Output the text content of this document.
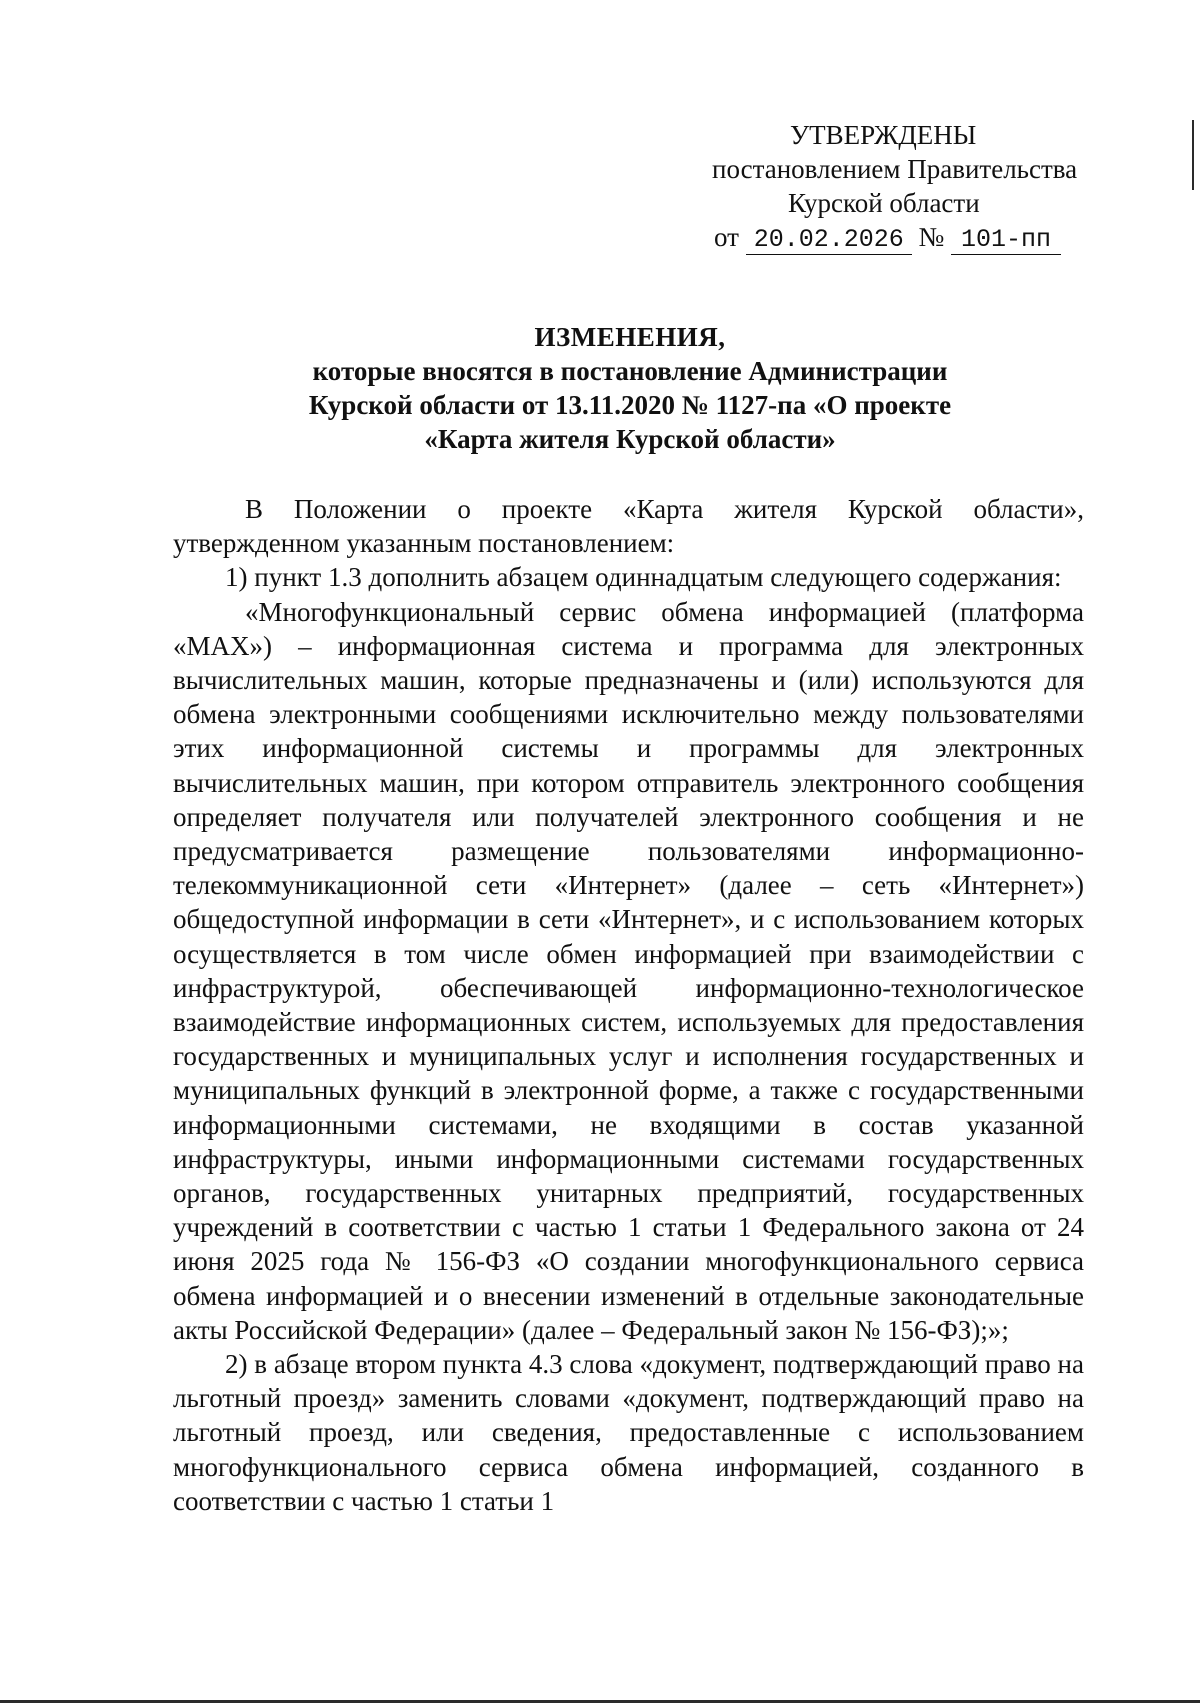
УТВЕРЖДЕНЫ
постановлением Правительства
Курской области
от 20.02.2026 № 101-пп
ИЗМЕНЕНИЯ,
которые вносятся в постановление Администрации
Курской области от 13.11.2020 № 1127-па «О проекте
«Карта жителя Курской области»

В Положении о проекте «Карта жителя Курской области», утвержденном указанным постановлением:

1) пункт 1.3 дополнить абзацем одиннадцатым следующего содержания:

«Многофункциональный сервис обмена информацией (платформа «MAX») – информационная система и программа для электронных вычислительных машин, которые предназначены и (или) используются для обмена электронными сообщениями исключительно между пользователями этих информационной системы и программы для электронных вычислительных машин, при котором отправитель электронного сообщения определяет получателя или получателей электронного сообщения и не предусматривается размещение пользователями информационно-телекоммуникационной сети «Интернет» (далее – сеть «Интернет») общедоступной информации в сети «Интернет», и с использованием которых осуществляется в том числе обмен информацией при взаимодействии с инфраструктурой, обеспечивающей информационно-технологическое взаимодействие информационных систем, используемых для предоставления государственных и муниципальных услуг и исполнения государственных и муниципальных функций в электронной форме, а также с государственными информационными системами, не входящими в состав указанной инфраструктуры, иными информационными системами государственных органов, государственных унитарных предприятий, государственных учреждений в соответствии с частью 1 статьи 1 Федерального закона от 24 июня 2025 года № 156-ФЗ «О создании многофункционального сервиса обмена информацией и о внесении изменений в отдельные законодательные акты Российской Федерации» (далее – Федеральный закон № 156-ФЗ);»;

2) в абзаце втором пункта 4.3 слова «документ, подтверждающий право на льготный проезд» заменить словами «документ, подтверждающий право на льготный проезд, или сведения, предоставленные с использованием многофункционального сервиса обмена информацией, созданного в соответствии с частью 1 статьи 1
